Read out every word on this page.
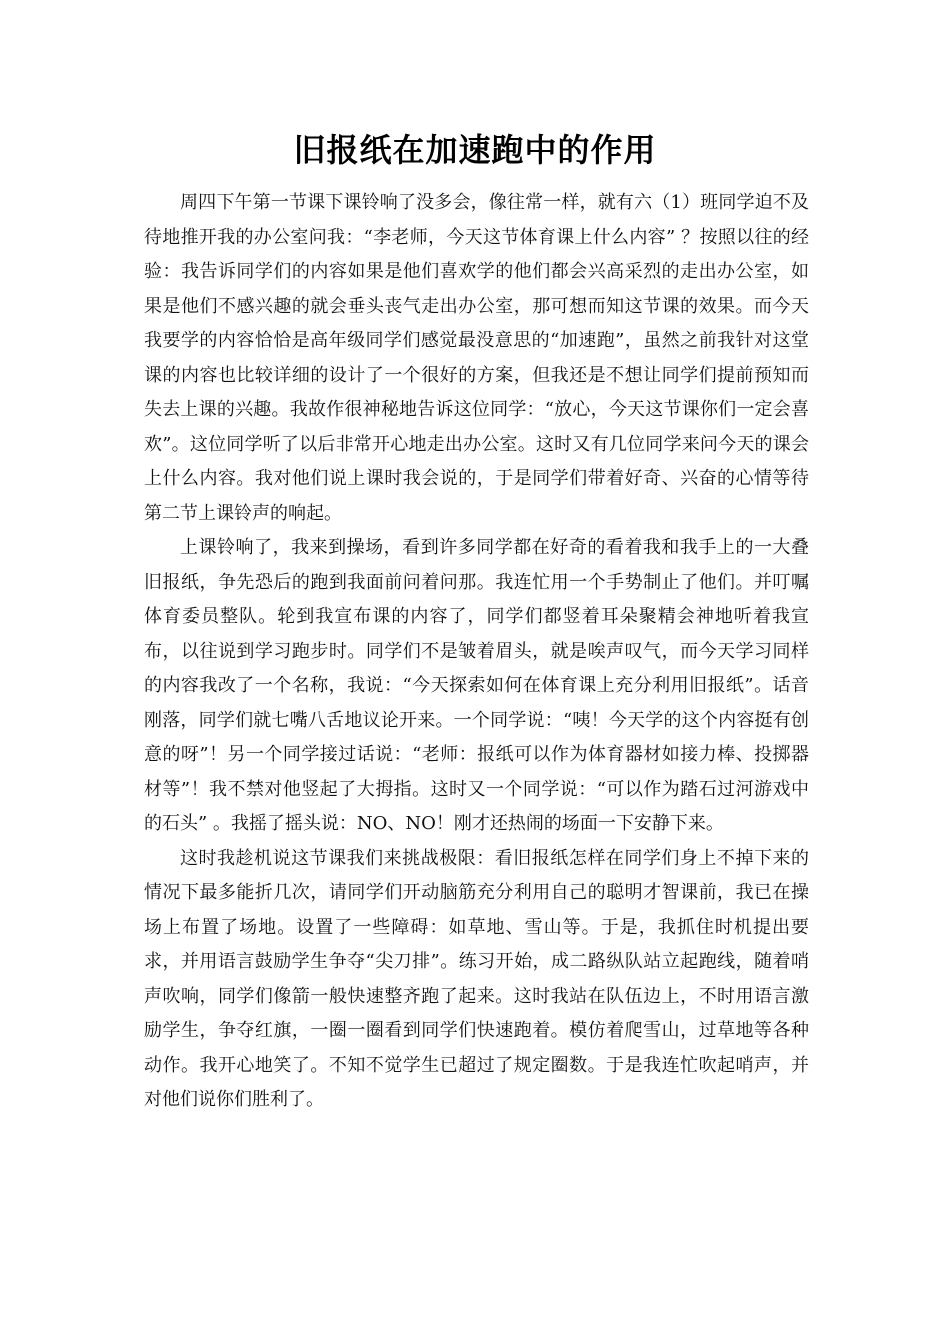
旧报纸在加速跑中的作用

周四下午第一节课下课铃响了没多会，像往常一样，就有六（1）班同学迫不及待地推开我的办公室问我：“李老师，今天这节体育课上什么内容” ？按照以往的经验：我告诉同学们的内容如果是他们喜欢学的他们都会兴高采烈的走出办公室，如果是他们不感兴趣的就会垂头丧气走出办公室，那可想而知这节课的效果。而今天我要学的内容恰恰是高年级同学们感觉最没意思的“加速跑”，虽然之前我针对这堂课的内容也比较详细的设计了一个很好的方案，但我还是不想让同学们提前预知而失去上课的兴趣。我故作很神秘地告诉这位同学：“放心，今天这节课你们一定会喜欢”。这位同学听了以后非常开心地走出办公室。这时又有几位同学来问今天的课会上什么内容。我对他们说上课时我会说的，于是同学们带着好奇、兴奋的心情等待第二节上课铃声的响起。

上课铃响了，我来到操场，看到许多同学都在好奇的看着我和我手上的一大叠旧报纸，争先恐后的跑到我面前问着问那。我连忙用一个手势制止了他们。并叮嘱体育委员整队。轮到我宣布课的内容了，同学们都竖着耳朵聚精会神地听着我宣布，以往说到学习跑步时。同学们不是皱着眉头，就是唉声叹气，而今天学习同样的内容我改了一个名称，我说：“今天探索如何在体育课上充分利用旧报纸”。话音刚落，同学们就七嘴八舌地议论开来。一个同学说：“咦！今天学的这个内容挺有创意的呀”！另一个同学接过话说：“老师：报纸可以作为体育器材如接力棒、投掷器材等”！我不禁对他竖起了大拇指。这时又一个同学说：“可以作为踏石过河游戏中的石头” 。我摇了摇头说：NO、NO！刚才还热闹的场面一下安静下来。

这时我趁机说这节课我们来挑战极限：看旧报纸怎样在同学们身上不掉下来的情况下最多能折几次，请同学们开动脑筋充分利用自己的聪明才智课前，我已在操场上布置了场地。设置了一些障碍：如草地、雪山等。于是，我抓住时机提出要求，并用语言鼓励学生争夺“尖刀排”。练习开始，成二路纵队站立起跑线，随着哨声吹响，同学们像箭一般快速整齐跑了起来。这时我站在队伍边上，不时用语言激励学生，争夺红旗，一圈一圈看到同学们快速跑着。模仿着爬雪山，过草地等各种动作。我开心地笑了。不知不觉学生已超过了规定圈数。于是我连忙吹起哨声，并对他们说你们胜利了。
